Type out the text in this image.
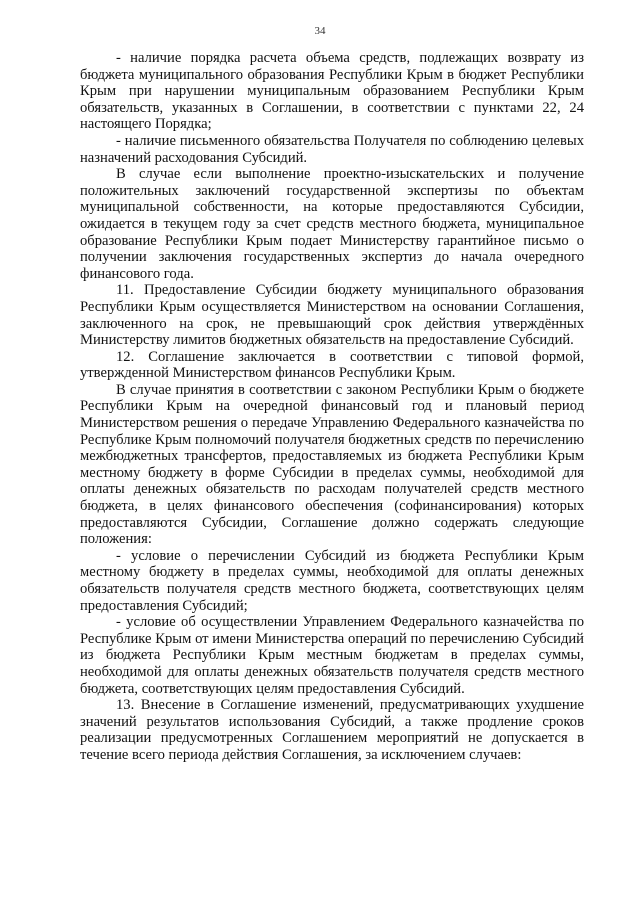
34

- наличие порядка расчета объема средств, подлежащих возврату из бюджета муниципального образования Республики Крым в бюджет Республики Крым при нарушении муниципальным образованием Республики Крым обязательств, указанных в Соглашении, в соответствии с пунктами 22, 24 настоящего Порядка;

- наличие письменного обязательства Получателя по соблюдению целевых назначений расходования Субсидий.

В случае если выполнение проектно-изыскательских и получение положительных заключений государственной экспертизы по объектам муниципальной собственности, на которые предоставляются Субсидии, ожидается в текущем году за счет средств местного бюджета, муниципальное образование Республики Крым подает Министерству гарантийное письмо о получении заключения государственных экспертиз до начала очередного финансового года.

11. Предоставление Субсидии бюджету муниципального образования Республики Крым осуществляется Министерством на основании Соглашения, заключенного на срок, не превышающий срок действия утверждённых Министерству лимитов бюджетных обязательств на предоставление Субсидий.

12. Соглашение заключается в соответствии с типовой формой, утвержденной Министерством финансов Республики Крым.

В случае принятия в соответствии с законом Республики Крым о бюджете Республики Крым на очередной финансовый год и плановый период Министерством решения о передаче Управлению Федерального казначейства по Республике Крым полномочий получателя бюджетных средств по перечислению межбюджетных трансфертов, предоставляемых из бюджета Республики Крым местному бюджету в форме Субсидии в пределах суммы, необходимой для оплаты денежных обязательств по расходам получателей средств местного бюджета, в целях финансового обеспечения (софинансирования) которых предоставляются Субсидии, Соглашение должно содержать следующие положения:

- условие о перечислении Субсидий из бюджета Республики Крым местному бюджету в пределах суммы, необходимой для оплаты денежных обязательств получателя средств местного бюджета, соответствующих целям предоставления Субсидий;

- условие об осуществлении Управлением Федерального казначейства по Республике Крым от имени Министерства операций по перечислению Субсидий из бюджета Республики Крым местным бюджетам в пределах суммы, необходимой для оплаты денежных обязательств получателя средств местного бюджета, соответствующих целям предоставления Субсидий.

13. Внесение в Соглашение изменений, предусматривающих ухудшение значений результатов использования Субсидий, а также продление сроков реализации предусмотренных Соглашением мероприятий не допускается в течение всего периода действия Соглашения, за исключением случаев:
